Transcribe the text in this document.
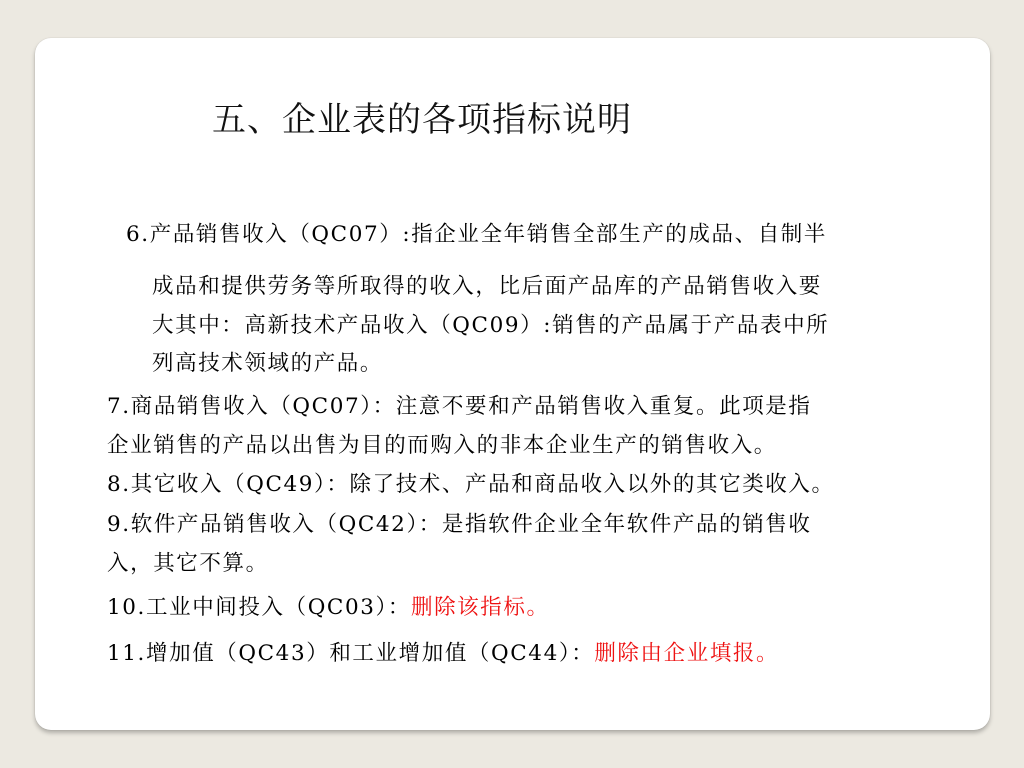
五、企业表的各项指标说明
6.产品销售收入（QC07）:指企业全年销售全部生产的成品、自制半
成品和提供劳务等所取得的收入，比后面产品库的产品销售收入要
大其中：高新技术产品收入（QC09）:销售的产品属于产品表中所
列高技术领域的产品。
7.商品销售收入（QC07）：注意不要和产品销售收入重复。此项是指
企业销售的产品以出售为目的而购入的非本企业生产的销售收入。
8.其它收入（QC49）：除了技术、产品和商品收入以外的其它类收入。
9.软件产品销售收入（QC42）：是指软件企业全年软件产品的销售收
入，其它不算。
10.工业中间投入（QC03）：删除该指标。
11.增加值（QC43）和工业增加值（QC44）：删除由企业填报。
